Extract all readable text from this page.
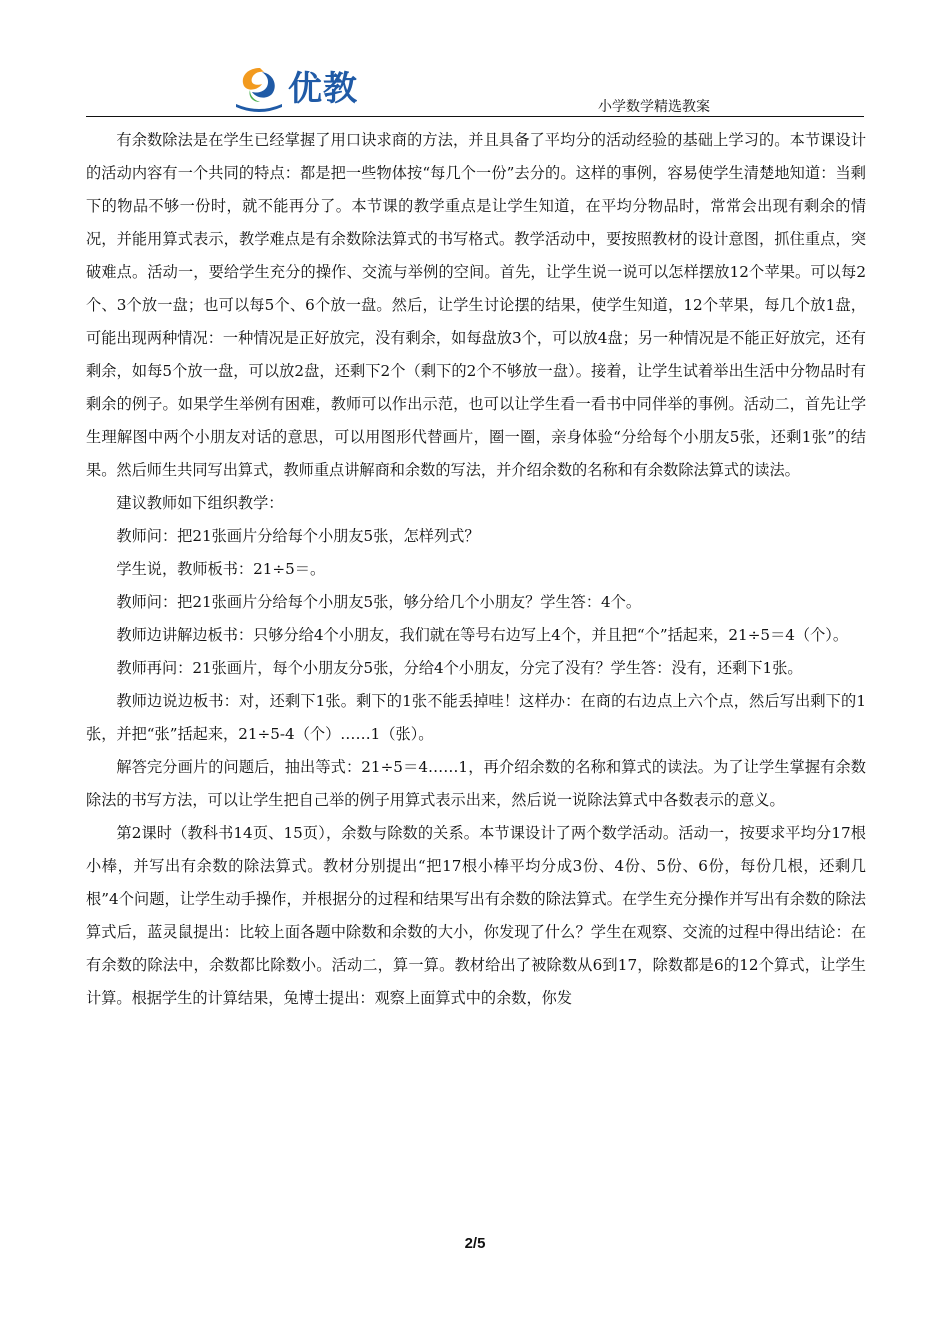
优教	小学数学精选教案

有余数除法是在学生已经掌握了用口诀求商的方法，并且具备了平均分的活动经验的基础上学习的。本节课设计的活动内容有一个共同的特点：都是把一些物体按“每几个一份”去分的。这样的事例，容易使学生清楚地知道：当剩下的物品不够一份时，就不能再分了。本节课的教学重点是让学生知道，在平均分物品时，常常会出现有剩余的情况，并能用算式表示，教学难点是有余数除法算式的书写格式。教学活动中，要按照教材的设计意图，抓住重点，突破难点。活动一，要给学生充分的操作、交流与举例的空间。首先，让学生说一说可以怎样摆放12个苹果。可以每2个、3个放一盘；也可以每5个、6个放一盘。然后，让学生讨论摆的结果，使学生知道，12个苹果，每几个放1盘，可能出现两种情况：一种情况是正好放完，没有剩余，如每盘放3个，可以放4盘；另一种情况是不能正好放完，还有剩余，如每5个放一盘，可以放2盘，还剩下2个（剩下的2个不够放一盘）。接着，让学生试着举出生活中分物品时有剩余的例子。如果学生举例有困难，教师可以作出示范，也可以让学生看一看书中同伴举的事例。活动二，首先让学生理解图中两个小朋友对话的意思，可以用图形代替画片，圈一圈，亲身体验“分给每个小朋友5张，还剩1张”的结果。然后师生共同写出算式，教师重点讲解商和余数的写法，并介绍余数的名称和有余数除法算式的读法。

建议教师如下组织教学：

教师问：把21张画片分给每个小朋友5张，怎样列式？

学生说，教师板书：21÷5＝。

教师问：把21张画片分给每个小朋友5张，够分给几个小朋友？学生答：4个。

教师边讲解边板书：只够分给4个小朋友，我们就在等号右边写上4个，并且把“个”括起来，21÷5＝4（个）。

教师再问：21张画片，每个小朋友分5张，分给4个小朋友，分完了没有？学生答：没有，还剩下1张。

教师边说边板书：对，还剩下1张。剩下的1张不能丢掉哇！这样办：在商的右边点上六个点，然后写出剩下的1张，并把“张”括起来，21÷5-4（个）……1（张）。

解答完分画片的问题后，抽出等式：21÷5＝4……1，再介绍余数的名称和算式的读法。为了让学生掌握有余数除法的书写方法，可以让学生把自己举的例子用算式表示出来，然后说一说除法算式中各数表示的意义。

第2课时（教科书14页、15页），余数与除数的关系。本节课设计了两个数学活动。活动一，按要求平均分17根小棒，并写出有余数的除法算式。教材分别提出“把17根小棒平均分成3份、4份、5份、6份，每份几根，还剩几根”4个问题，让学生动手操作，并根据分的过程和结果写出有余数的除法算式。在学生充分操作并写出有余数的除法算式后，蓝灵鼠提出：比较上面各题中除数和余数的大小，你发现了什么？学生在观察、交流的过程中得出结论：在有余数的除法中，余数都比除数小。活动二，算一算。教材给出了被除数从6到17，除数都是6的12个算式，让学生计算。根据学生的计算结果，兔博士提出：观察上面算式中的余数，你发

2/5
